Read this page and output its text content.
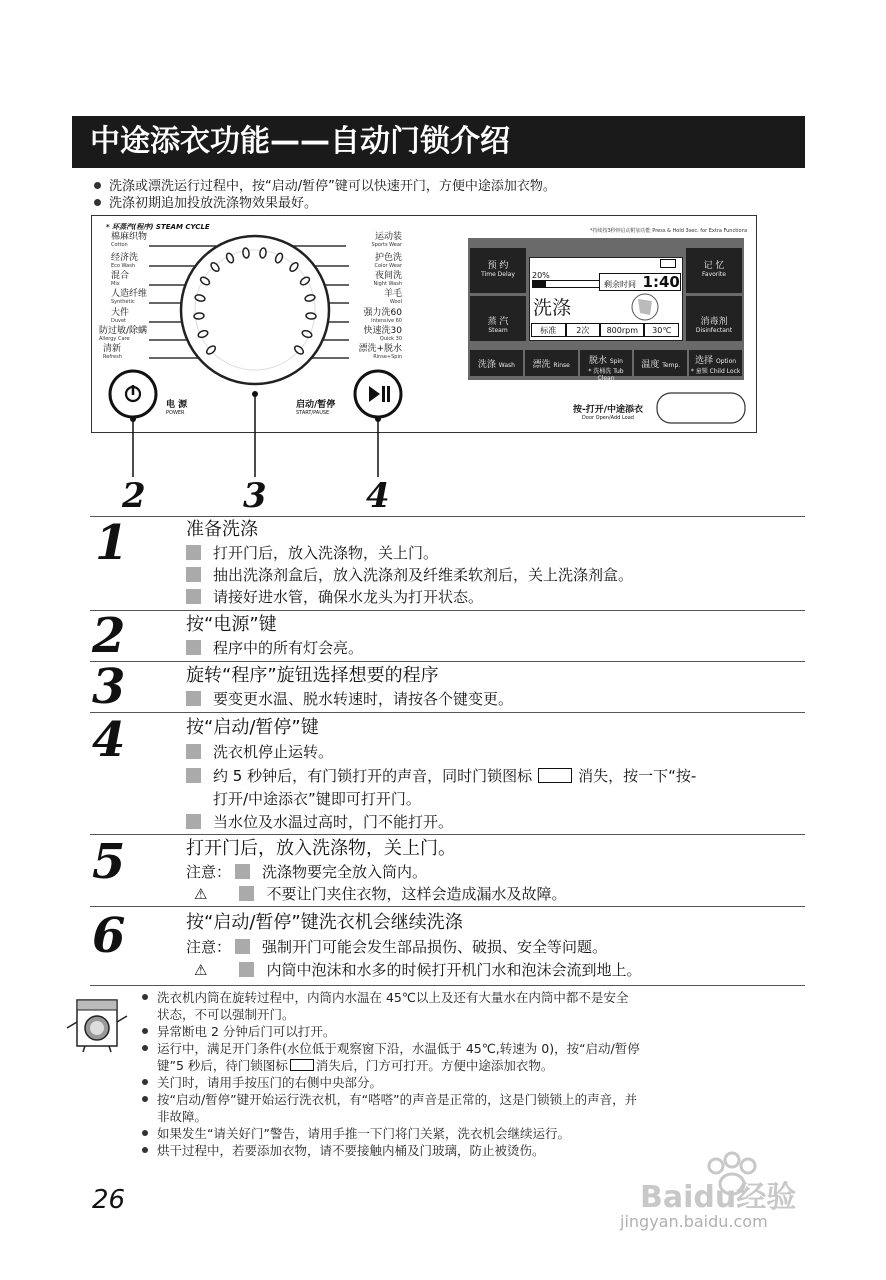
中途添衣功能——自动门锁介绍
洗涤或漂洗运行过程中，按“启动/暂停”键可以快速开门，方便中途添加衣物。
洗涤初期追加投放洗涤物效果最好。
* 环蒸汽(程序) STEAM CYCLE	*持续按3秒钟启动附加功能 Press & Hold 3sec. for Extra Functions
棉麻织物
Cotton
经济洗
Eco Wash
混合
Mix
人造纤维
Synthetic
大件
Duvet
防过敏/除螨
Allergy Care
清新
Refresh
运动装
Sports Wear
护色洗
Color Wear
夜间洗
Night Wash
羊毛
Wool
强力洗60
Intensive 60
快速洗30
Quick 30
漂洗+脱水
Rinse+Spin
电 源
POWER
启动/暂停
START/PAUSE	按-打开/中途添衣
Door Open/Add Load
预 约
Time Delay
蒸 汽
Steam
记 忆
Favorite
消毒剂
Disinfectant
20%
剩余时间 1:40
洗涤
标准	2次	800rpm	30℃
洗涤 Wash	漂洗 Rinse	脱水 Spin
* 洗桶洗 Tub Clean
温度 Temp.	选择 Option
* 童锁 Child Lock
2	3	4
1	准备洗涤
打开门后，放入洗涤物，关上门。
抽出洗涤剂盒后，放入洗涤剂及纤维柔软剂后，关上洗涤剂盒。
请接好进水管，确保水龙头为打开状态。
2	按“电源”键
程序中的所有灯会亮。
3	旋转“程序”旋钮选择想要的程序
要变更水温、脱水转速时，请按各个键变更。
4	按“启动/暂停”键
洗衣机停止运转。
约 5 秒钟后，有门锁打开的声音，同时门锁图标	消失，按一下“按-
打开/中途添衣”键即可打开门。
当水位及水温过高时，门不能打开。
5	打开门后，放入洗涤物，关上门。
注意： 洗涤物要完全放入筒内。
⚠	不要让门夹住衣物，这样会造成漏水及故障。
6	按“启动/暂停”键洗衣机会继续洗涤
注意： 强制开门可能会发生部品损伤、破损、安全等问题。
⚠	内筒中泡沫和水多的时候打开机门水和泡沫会流到地上。
洗衣机内筒在旋转过程中，内筒内水温在 45℃以上及还有大量水在内筒中都不是安全
状态，不可以强制开门。
异常断电 2 分钟后门可以打开。
运行中，满足开门条件(水位低于观察窗下沿，水温低于 45℃,转速为 0)，按“启动/暂停
键”5 秒后，待门锁图标 消失后，门方可打开。方便中途添加衣物。
关门时，请用手按压门的右侧中央部分。
按“启动/暂停”键开始运行洗衣机，有“嗒嗒”的声音是正常的，这是门锁锁上的声音，并
非故障。
如果发生“请关好门”警告，请用手推一下门将门关紧，洗衣机会继续运行。
烘干过程中，若要添加衣物，请不要接触内桶及门玻璃，防止被烫伤。
26	Baidu经验
jingyan.baidu.com
